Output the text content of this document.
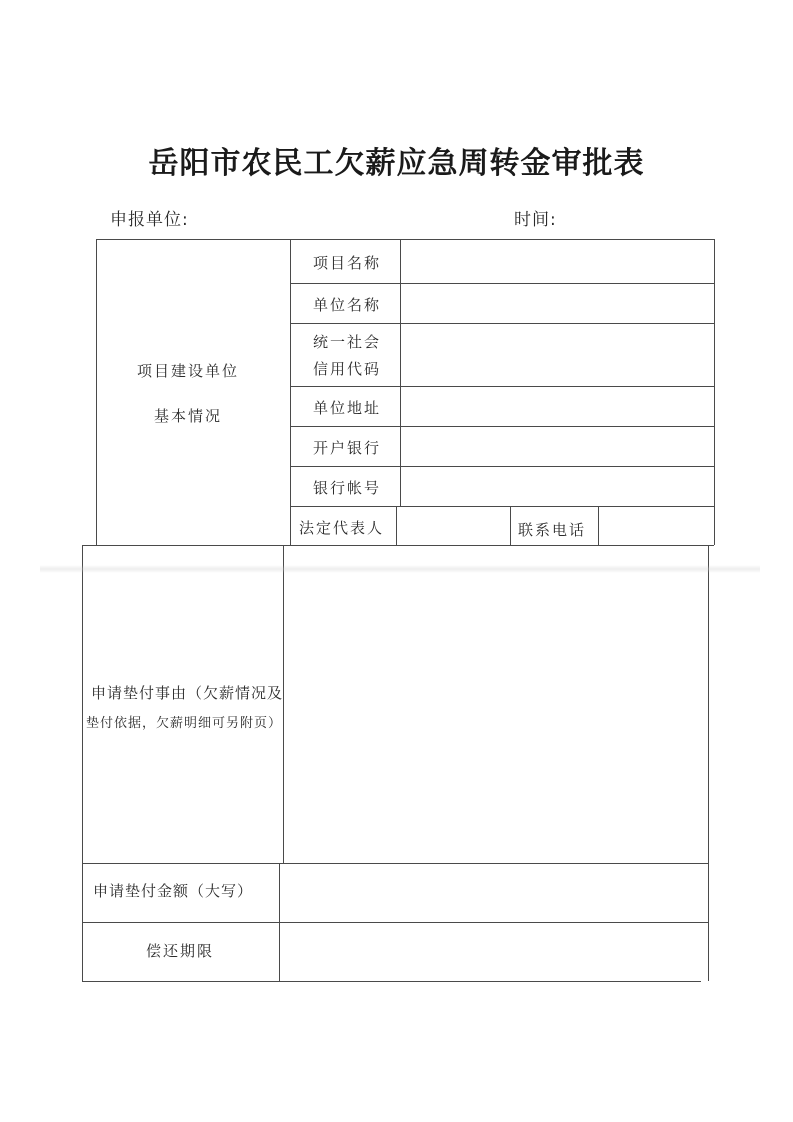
岳阳市农民工欠薪应急周转金审批表
申报单位:	时间:
项目建设单位
基本情况
项目名称
单位名称
统一社会
信用代码
单位地址
开户银行
银行帐号
法定代表人	联系电话
申请垫付事由（欠薪情况及
垫付依据，欠薪明细可另附页）
申请垫付金额（大写）
偿还期限
